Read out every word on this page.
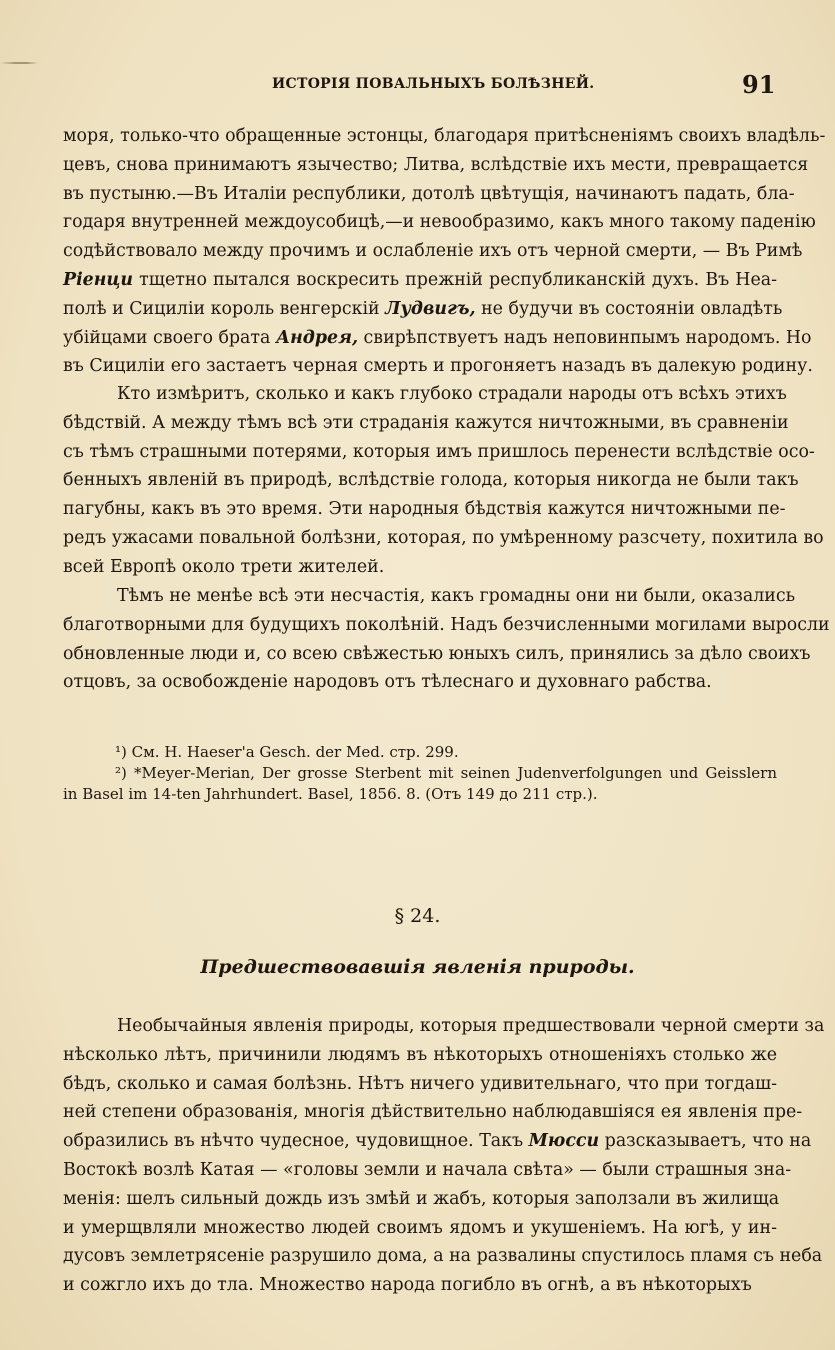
ИСТОРІЯ ПОВАЛЬНЫХЪ БОЛѢЗНЕЙ.	91
моря, только-что обращенные эстонцы, благодаря притѣсненіямъ своихъ владѣль-
цевъ, снова принимаютъ язычество; Литва, вслѣдствіе ихъ мести, превращается
въ пустыню.—Въ Италіи республики, дотолѣ цвѣтущія, начинаютъ падать, бла-
годаря внутренней междоусобицѣ,—и невообразимо, какъ много такому паденію
содѣйствовало между прочимъ и ослабленіе ихъ отъ черной смерти, — Въ Римѣ
Ріенци тщетно пытался воскресить прежній республиканскій духъ. Въ Неа-
полѣ и Сициліи король венгерскій Лудвигъ, не будучи въ состояніи овладѣть
убійцами своего брата Андрея, свирѣпствуетъ надъ неповинпымъ народомъ. Но
въ Сициліи его застаетъ черная смерть и прогоняетъ назадъ въ далекую родину.
Кто измѣритъ, сколько и какъ глубоко страдали народы отъ всѣхъ этихъ
бѣдствій. А между тѣмъ всѣ эти страданія кажутся ничтожными, въ сравненіи
съ тѣмъ страшными потерями, которыя имъ пришлось перенести вслѣдствіе осо-
бенныхъ явленій въ природѣ, вслѣдствіе голода, которыя никогда не были такъ
пагубны, какъ въ это время. Эти народныя бѣдствія кажутся ничтожными пе-
редъ ужасами повальной болѣзни, которая, по умѣренному разсчету, похитила во
всей Европѣ около трети жителей.
Тѣмъ не менѣе всѣ эти несчастія, какъ громадны они ни были, оказались
благотворными для будущихъ поколѣній. Надъ безчисленными могилами выросли
обновленные люди и, со всею свѣжестью юныхъ силъ, принялись за дѣло своихъ
отцовъ, за освобожденіе народовъ отъ тѣлеснаго и духовнаго рабства.
¹) См. H. Haeser'a Gesch. der Med. стр. 299.
²) *Meyer-Merian, Der grosse Sterbent mit seinen Judenverfolgungen und Geisslern
in Basel im 14-ten Jahrhundert. Basel, 1856. 8. (Отъ 149 до 211 стр.).
§ 24.
Предшествовавшія явленія природы.
Необычайныя явленія природы, которыя предшествовали черной смерти за
нѣсколько лѣтъ, причинили людямъ въ нѣкоторыхъ отношеніяхъ столько же
бѣдъ, сколько и самая болѣзнь. Нѣтъ ничего удивительнаго, что при тогдаш-
ней степени образованія, многія дѣйствительно наблюдавшіяся ея явленія пре-
образились въ нѣчто чудесное, чудовищное. Такъ Мюсси разсказываетъ, что на
Востокѣ возлѣ Катая — «головы земли и начала свѣта» — были страшныя зна-
менія: шелъ сильный дождь изъ змѣй и жабъ, которыя заползали въ жилища
и умерщвляли множество людей своимъ ядомъ и укушеніемъ. На югѣ, у ин-
дусовъ землетрясеніе разрушило дома, а на развалины спустилось пламя съ неба
и сожгло ихъ до тла. Множество народа погибло въ огнѣ, а въ нѣкоторыхъ
